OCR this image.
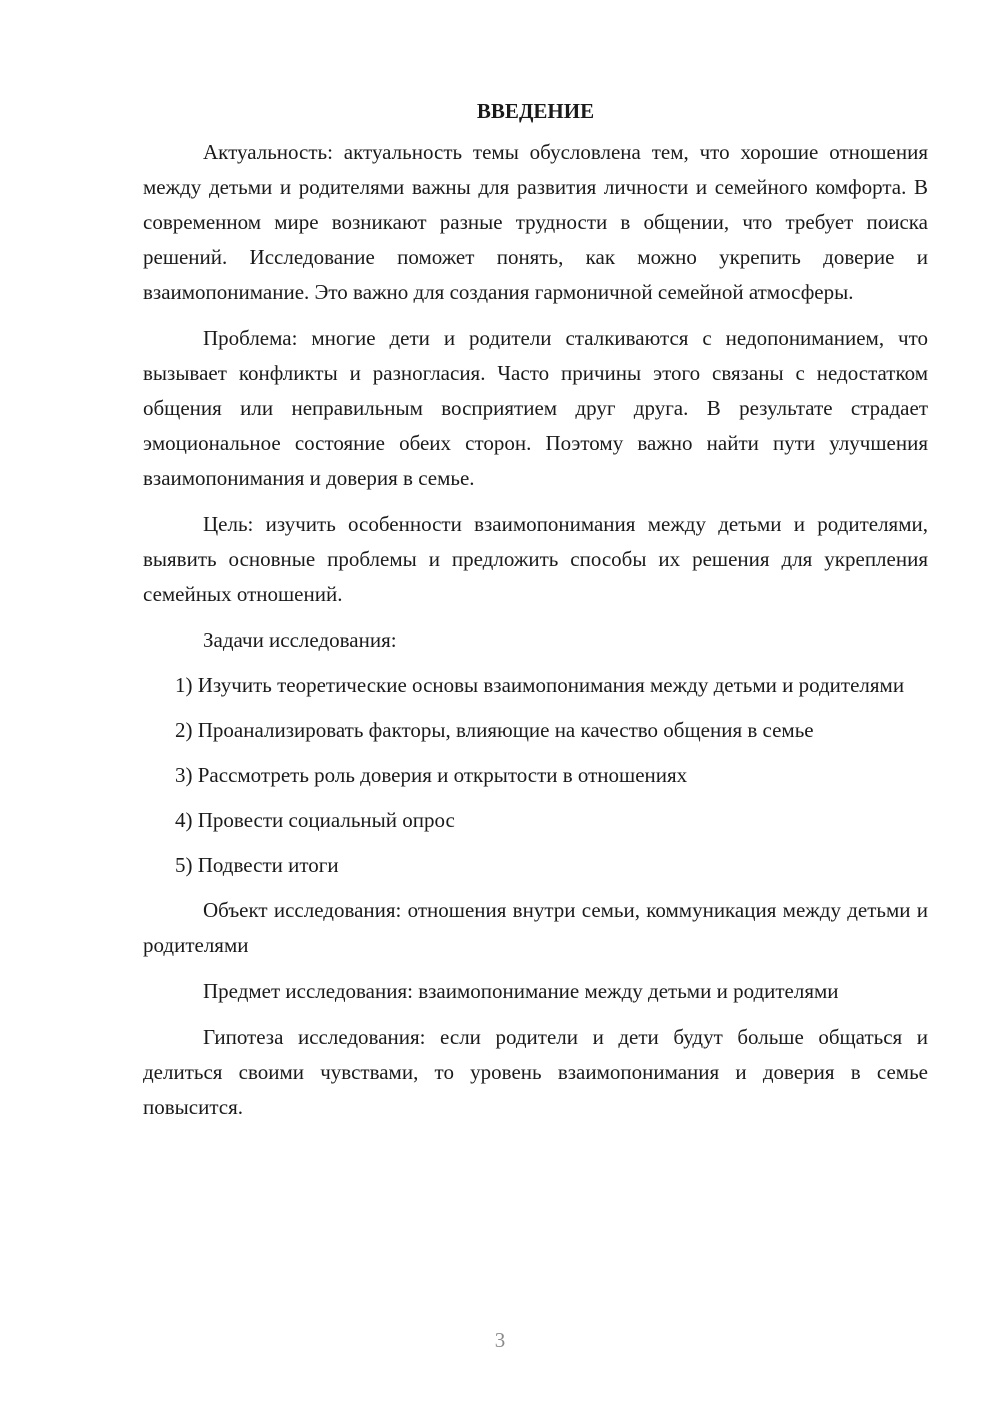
ВВЕДЕНИЕ

Актуальность: актуальность темы обусловлена тем, что хорошие отношения между детьми и родителями важны для развития личности и семейного комфорта. В современном мире возникают разные трудности в общении, что требует поиска решений. Исследование поможет понять, как можно укрепить доверие и взаимопонимание. Это важно для создания гармоничной семейной атмосферы.

Проблема: многие дети и родители сталкиваются с недопониманием, что вызывает конфликты и разногласия. Часто причины этого связаны с недостатком общения или неправильным восприятием друг друга. В результате страдает эмоциональное состояние обеих сторон. Поэтому важно найти пути улучшения взаимопонимания и доверия в семье.

Цель: изучить особенности взаимопонимания между детьми и родителями, выявить основные проблемы и предложить способы их решения для укрепления семейных отношений.

Задачи исследования:

1) Изучить теоретические основы взаимопонимания между детьми и родителями

2) Проанализировать факторы, влияющие на качество общения в семье

3) Рассмотреть роль доверия и открытости в отношениях

4) Провести социальный опрос

5) Подвести итоги

Объект исследования: отношения внутри семьи, коммуникация между детьми и родителями

Предмет исследования: взаимопонимание между детьми и родителями

Гипотеза исследования: если родители и дети будут больше общаться и делиться своими чувствами, то уровень взаимопонимания и доверия в семье повысится.

3
